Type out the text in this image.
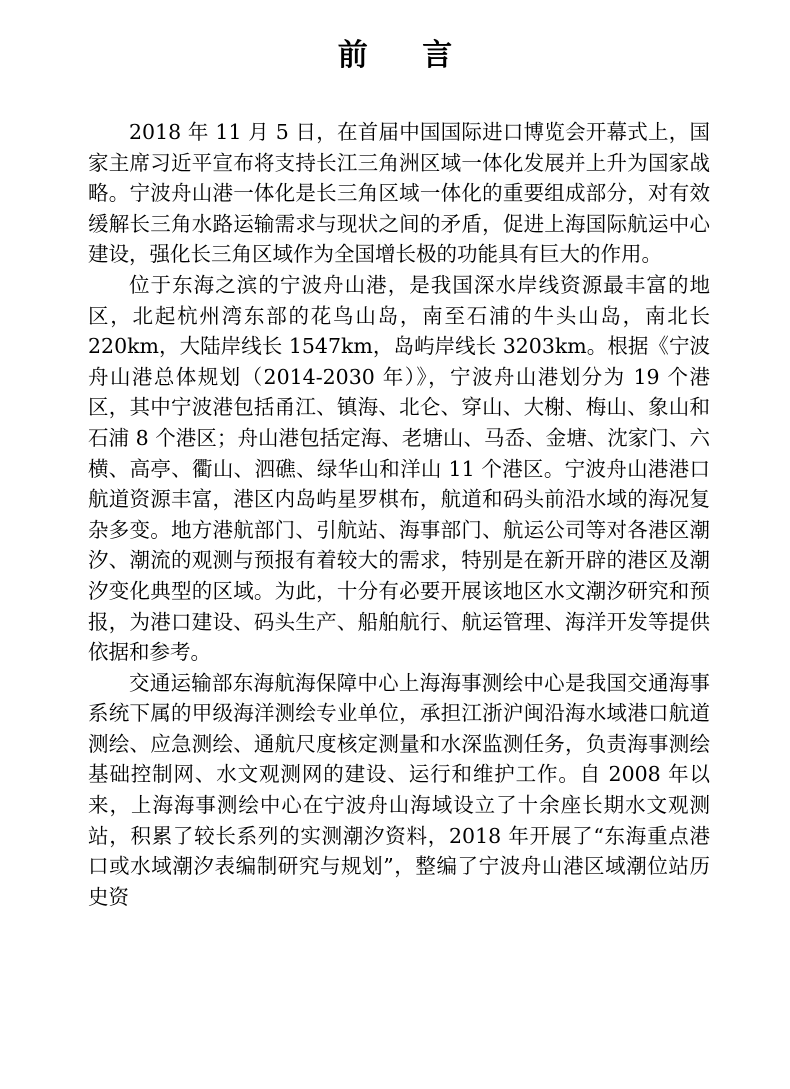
前 言

2018 年 11 月 5 日，在首届中国国际进口博览会开幕式上，国家主席习近平宣布将支持长江三角洲区域一体化发展并上升为国家战略。宁波舟山港一体化是长三角区域一体化的重要组成部分，对有效缓解长三角水路运输需求与现状之间的矛盾，促进上海国际航运中心建设，强化长三角区域作为全国增长极的功能具有巨大的作用。

位于东海之滨的宁波舟山港，是我国深水岸线资源最丰富的地区，北起杭州湾东部的花鸟山岛，南至石浦的牛头山岛，南北长 220km，大陆岸线长 1547km，岛屿岸线长 3203km。根据《宁波舟山港总体规划（2014-2030 年）》，宁波舟山港划分为 19 个港区，其中宁波港包括甬江、镇海、北仑、穿山、大榭、梅山、象山和石浦 8 个港区；舟山港包括定海、老塘山、马岙、金塘、沈家门、六横、高亭、衢山、泗礁、绿华山和洋山 11 个港区。宁波舟山港港口航道资源丰富，港区内岛屿星罗棋布，航道和码头前沿水域的海况复杂多变。地方港航部门、引航站、海事部门、航运公司等对各港区潮汐、潮流的观测与预报有着较大的需求，特别是在新开辟的港区及潮汐变化典型的区域。为此，十分有必要开展该地区水文潮汐研究和预报，为港口建设、码头生产、船舶航行、航运管理、海洋开发等提供依据和参考。

交通运输部东海航海保障中心上海海事测绘中心是我国交通海事系统下属的甲级海洋测绘专业单位，承担江浙沪闽沿海水域港口航道测绘、应急测绘、通航尺度核定测量和水深监测任务，负责海事测绘基础控制网、水文观测网的建设、运行和维护工作。自 2008 年以来，上海海事测绘中心在宁波舟山海域设立了十余座长期水文观测站，积累了较长系列的实测潮汐资料，2018 年开展了“东海重点港口或水域潮汐表编制研究与规划”，整编了宁波舟山港区域潮位站历史资
